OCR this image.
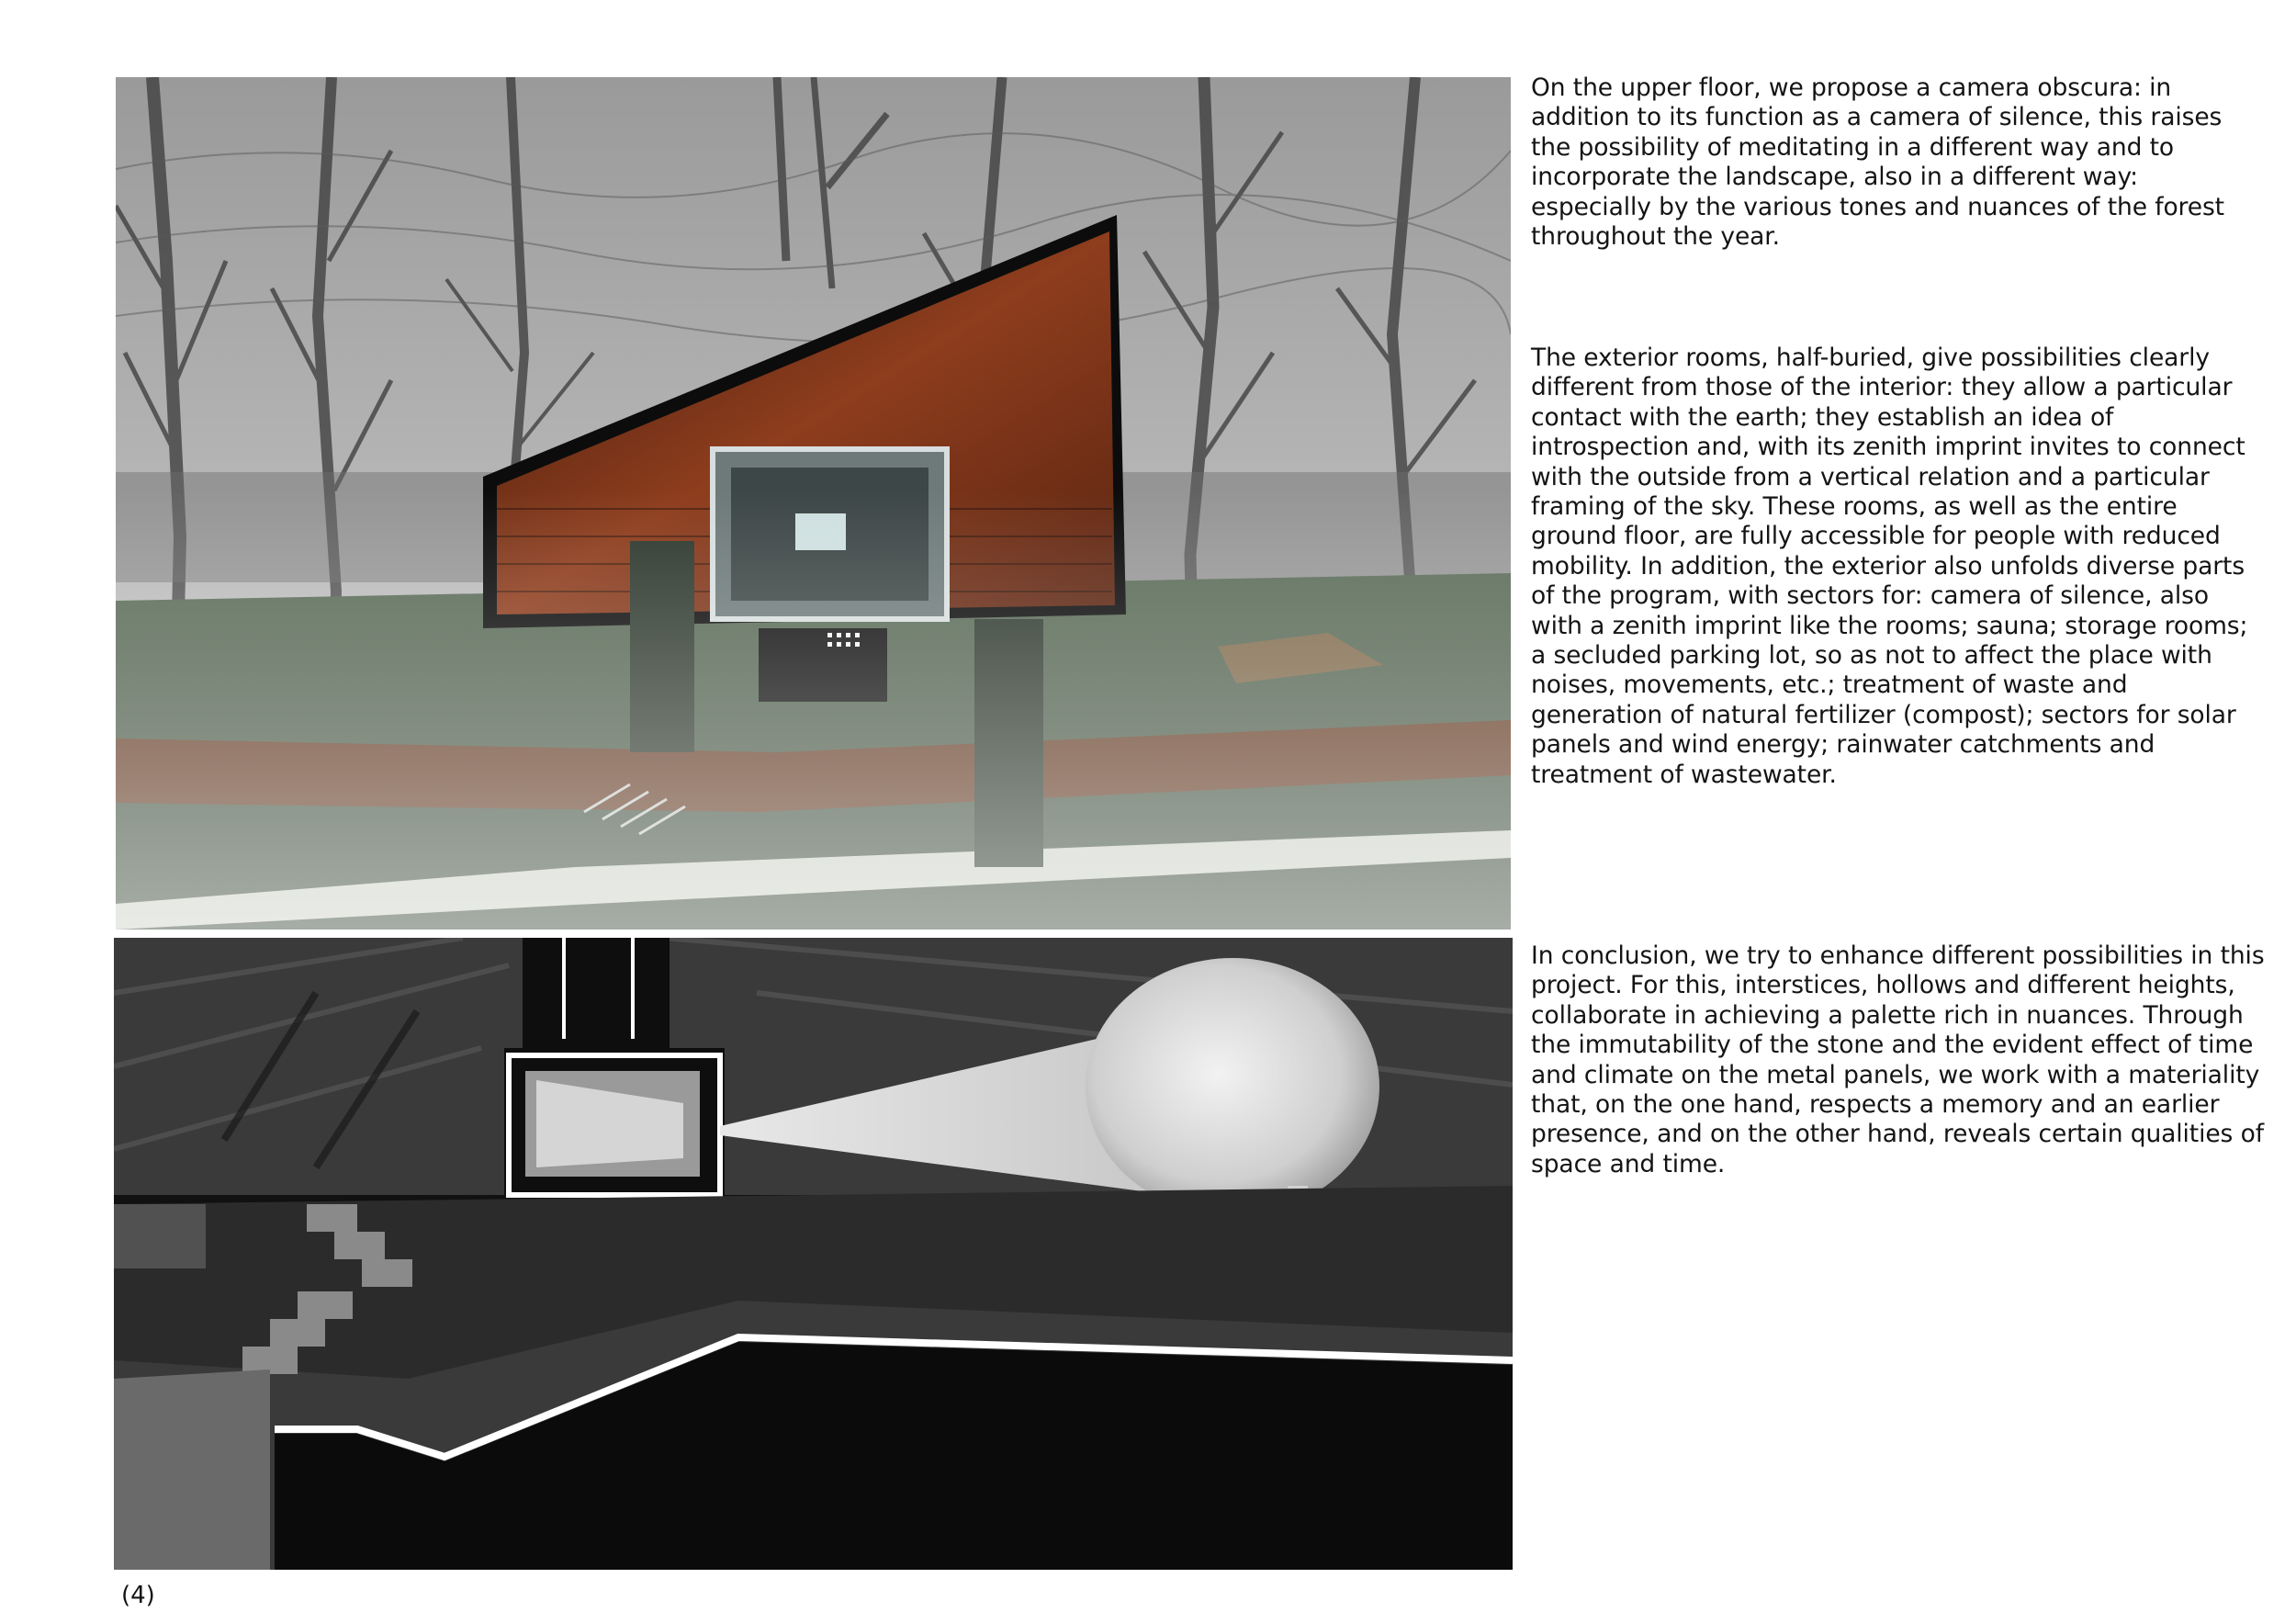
On the upper floor, we propose a camera obscura: in addition to its function as a camera of silence, this raises the possibility of meditating in a different way and to incorporate the landscape, also in a different way: especially by the various tones and nuances of the forest throughout the year.

The exterior rooms, half-buried, give possibilities clearly different from those of the interior: they allow a particular contact with the earth; they establish an idea of introspection and, with its zenith imprint invites to connect with the outside from a vertical relation and a particular framing of the sky. These rooms, as well as the entire ground floor, are fully accessible for people with reduced mobility. In addition, the exterior also unfolds diverse parts of the program, with sectors for: camera of silence, also with a zenith imprint like the rooms; sauna; storage rooms; a secluded parking lot, so as not to affect the place with noises, movements, etc.; treatment of waste and generation of natural fertilizer (compost); sectors for solar panels and wind energy; rainwater catchments and treatment of wastewater.

In conclusion, we try to enhance different possibilities in this project. For this, interstices, hollows and different heights, collaborate in achieving a palette rich in nuances. Through the immutability of the stone and the evident effect of time and climate on the metal panels, we work with a materiality that, on the one hand, respects a memory and an earlier presence, and on the other hand, reveals certain qualities of space and time.

(4)
